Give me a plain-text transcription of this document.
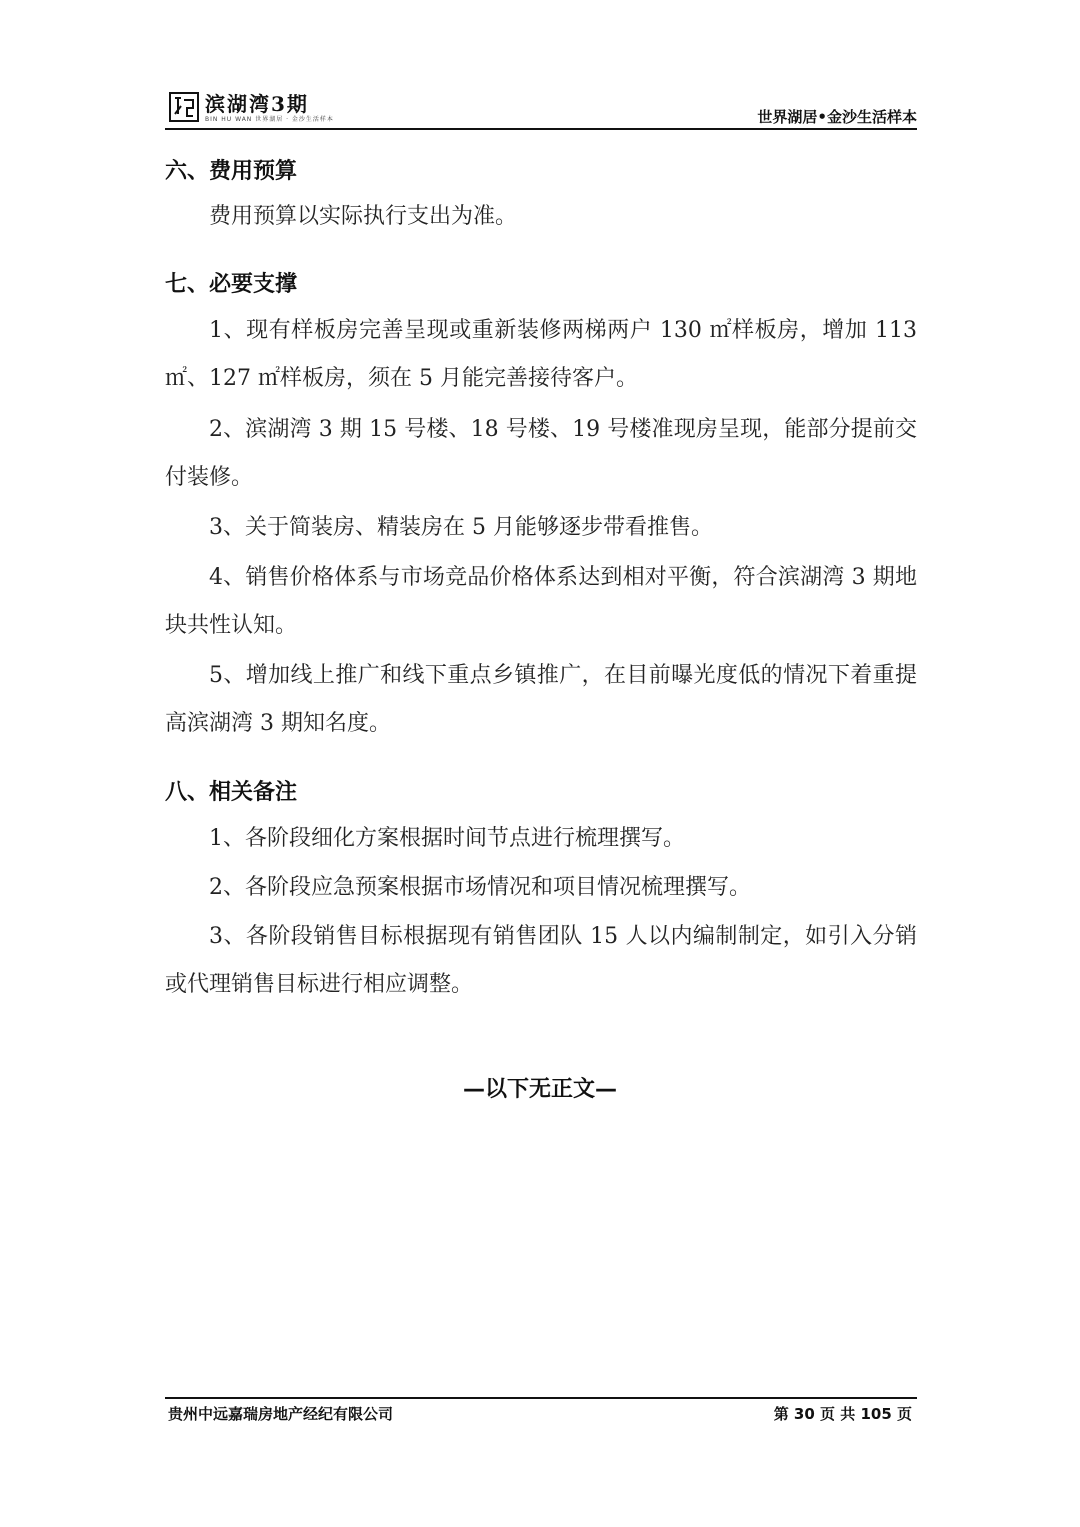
滨湖湾3期
BIN HU WAN 世界湖居 · 金沙生活样本	世界湖居•金沙生活样本
六、费用预算

费用预算以实际执行支出为准。

七、必要支撑

1、现有样板房完善呈现或重新装修两梯两户 130 ㎡样板房，增加 113 ㎡、127 ㎡样板房，须在 5 月能完善接待客户。

2、滨湖湾 3 期 15 号楼、18 号楼、19 号楼准现房呈现，能部分提前交付装修。

3、关于简装房、精装房在 5 月能够逐步带看推售。

4、销售价格体系与市场竞品价格体系达到相对平衡，符合滨湖湾 3 期地块共性认知。

5、增加线上推广和线下重点乡镇推广，在目前曝光度低的情况下着重提高滨湖湾 3 期知名度。

八、相关备注

1、各阶段细化方案根据时间节点进行梳理撰写。

2、各阶段应急预案根据市场情况和项目情况梳理撰写。

3、各阶段销售目标根据现有销售团队 15 人以内编制制定，如引入分销或代理销售目标进行相应调整。

—以下无正文—
贵州中远嘉瑞房地产经纪有限公司	第 30 页 共 105 页
